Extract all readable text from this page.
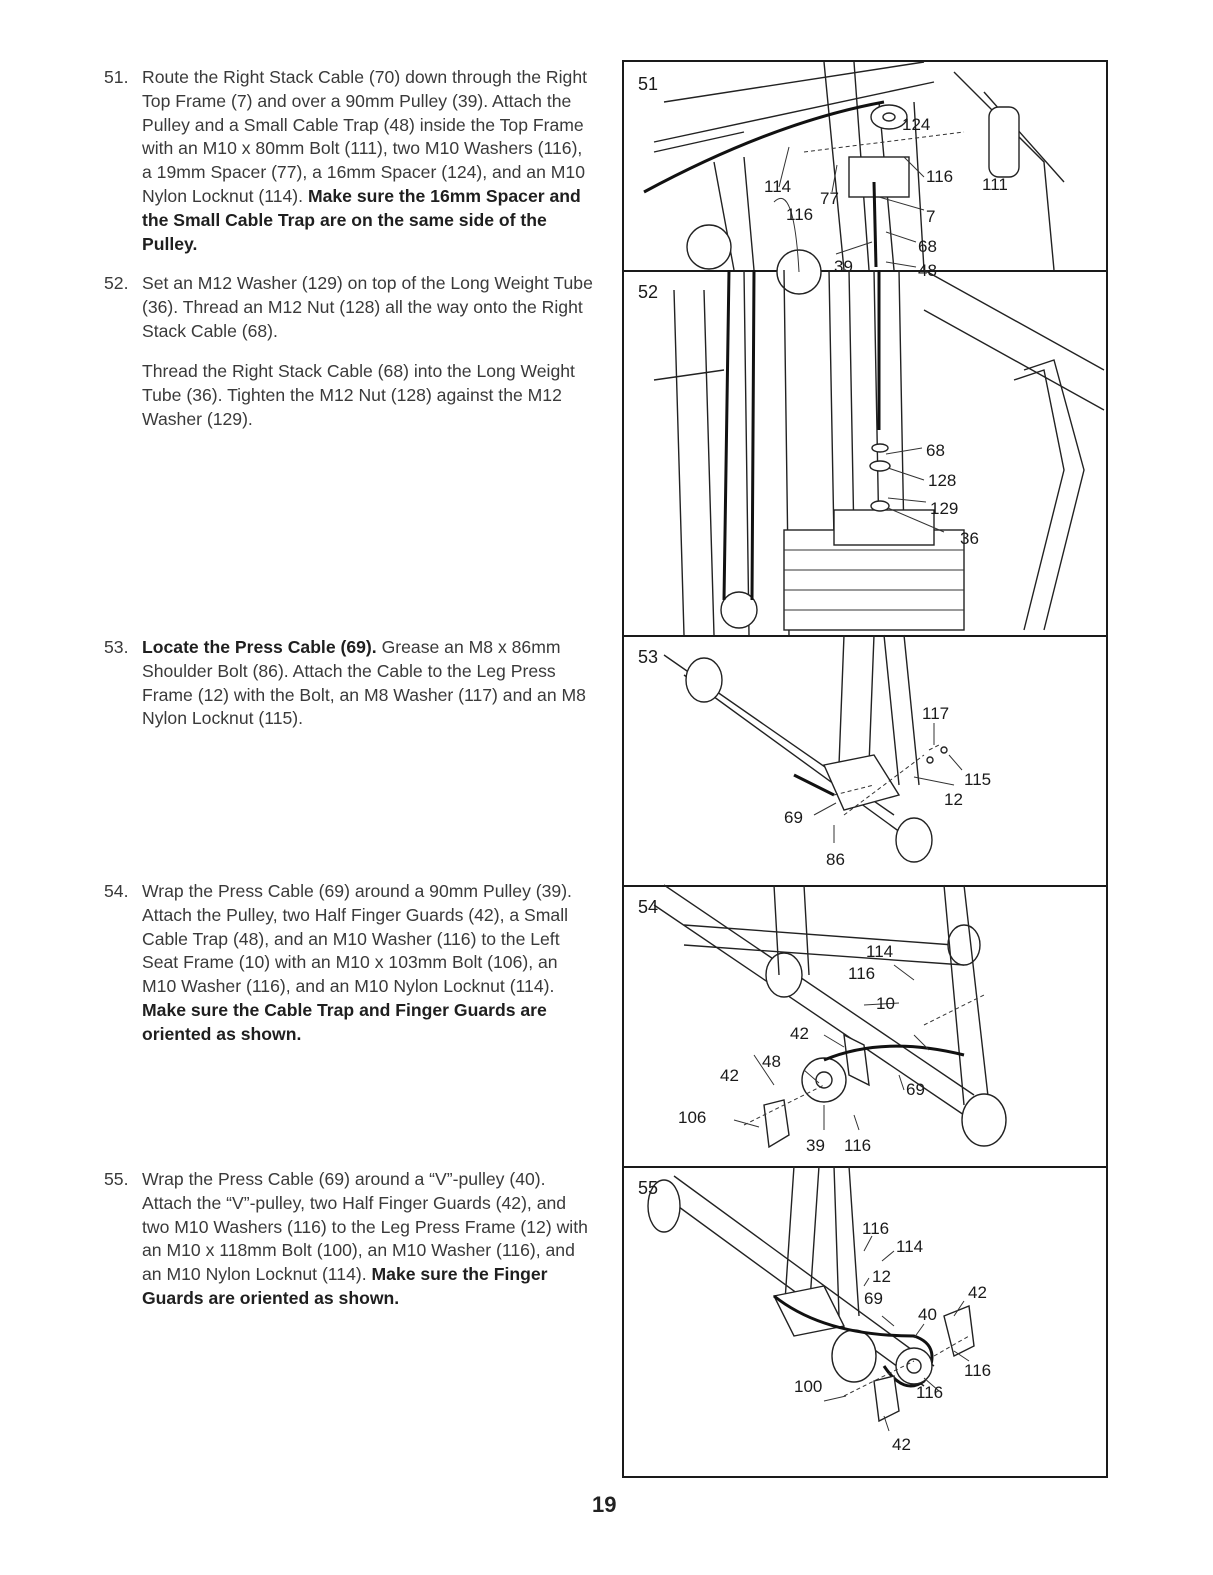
51. Route the Right Stack Cable (70) down through the Right Top Frame (7) and over a 90mm Pulley (39). Attach the Pulley and a Small Cable Trap (48) inside the Top Frame with an M10 x 80mm Bolt (111), two M10 Washers (116), a 19mm Spacer (77), a 16mm Spacer (124), and an M10 Nylon Locknut (114). Make sure the 16mm Spacer and the Small Cable Trap are on the same side of the Pulley.

52. Set an M12 Washer (129) on top of the Long Weight Tube (36). Thread an M12 Nut (128) all the way onto the Right Stack Cable (68).

Thread the Right Stack Cable (68) into the Long Weight Tube (36). Tighten the M12 Nut (128) against the M12 Washer (129).

53. Locate the Press Cable (69). Grease an M8 x 86mm Shoulder Bolt (86). Attach the Cable to the Leg Press Frame (12) with the Bolt, an M8 Washer (117) and an M8 Nylon Locknut (115).

54. Wrap the Press Cable (69) around a 90mm Pulley (39). Attach the Pulley, two Half Finger Guards (42), a Small Cable Trap (48), and an M10 Washer (116) to the Left Seat Frame (10) with an M10 x 103mm Bolt (106), an M10 Washer (116), and an M10 Nylon Locknut (114). Make sure the Cable Trap and Finger Guards are oriented as shown.

55. Wrap the Press Cable (69) around a “V”-pulley (40). Attach the “V”-pulley, two Half Finger Guards (42), and two M10 Washers (116) to the Leg Press Frame (12) with an M10 x 118mm Bolt (100), an M10 Washer (116), and an M10 Nylon Locknut (114). Make sure the Finger Guards are oriented as shown.

51
124
114
77
116
111
116
7
68
39	48
52
68
128
129
36
53
117
115
12
69
86
54
114
116
10
42
48
42
69
106
39 116
55
116
114
12
69
40
42
116
100	116
42
19
